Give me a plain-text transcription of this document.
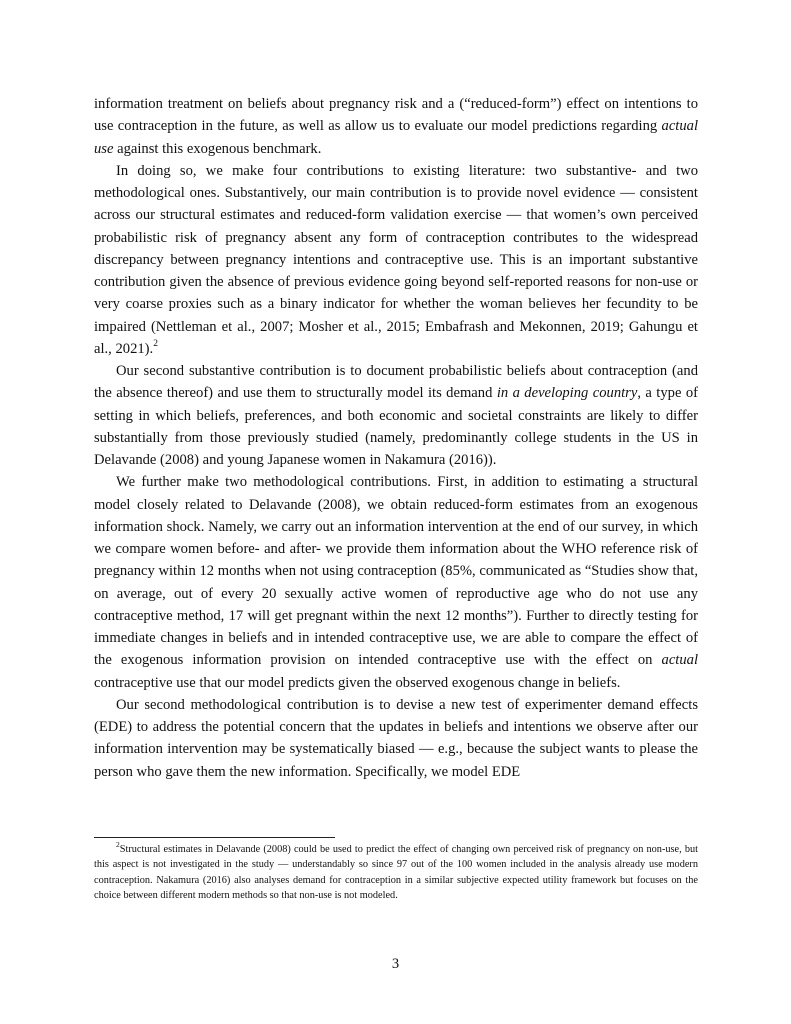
information treatment on beliefs about pregnancy risk and a (“reduced-form”) effect on intentions to use contraception in the future, as well as allow us to evaluate our model predictions regarding actual use against this exogenous benchmark.

In doing so, we make four contributions to existing literature: two substantive- and two methodological ones. Substantively, our main contribution is to provide novel evidence — consistent across our structural estimates and reduced-form validation exercise — that women’s own perceived probabilistic risk of pregnancy absent any form of contraception contributes to the widespread discrepancy between pregnancy intentions and contraceptive use. This is an important substantive contribution given the absence of previous evidence going beyond self-reported reasons for non-use or very coarse proxies such as a binary indicator for whether the woman believes her fecundity to be impaired (Nettleman et al., 2007; Mosher et al., 2015; Embafrash and Mekonnen, 2019; Gahungu et al., 2021).$^2$

Our second substantive contribution is to document probabilistic beliefs about contraception (and the absence thereof) and use them to structurally model its demand in a developing country, a type of setting in which beliefs, preferences, and both economic and societal constraints are likely to differ substantially from those previously studied (namely, predominantly college students in the US in Delavande (2008) and young Japanese women in Nakamura (2016)).

We further make two methodological contributions. First, in addition to estimating a structural model closely related to Delavande (2008), we obtain reduced-form estimates from an exogenous information shock. Namely, we carry out an information intervention at the end of our survey, in which we compare women before- and after- we provide them information about the WHO reference risk of pregnancy within 12 months when not using contraception (85%, communicated as “Studies show that, on average, out of every 20 sexually active women of reproductive age who do not use any contraceptive method, 17 will get pregnant within the next 12 months”). Further to directly testing for immediate changes in beliefs and in intended contraceptive use, we are able to compare the effect of the exogenous information provision on intended contraceptive use with the effect on actual contraceptive use that our model predicts given the observed exogenous change in beliefs.

Our second methodological contribution is to devise a new test of experimenter demand effects (EDE) to address the potential concern that the updates in beliefs and intentions we observe after our information intervention may be systematically biased — e.g., because the subject wants to please the person who gave them the new information. Specifically, we model EDE

$^2$Structural estimates in Delavande (2008) could be used to predict the effect of changing own perceived risk of pregnancy on non-use, but this aspect is not investigated in the study — understandably so since 97 out of the 100 women included in the analysis already use modern contraception. Nakamura (2016) also analyses demand for contraception in a similar subjective expected utility framework but focuses on the choice between different modern methods so that non-use is not modeled.

3
